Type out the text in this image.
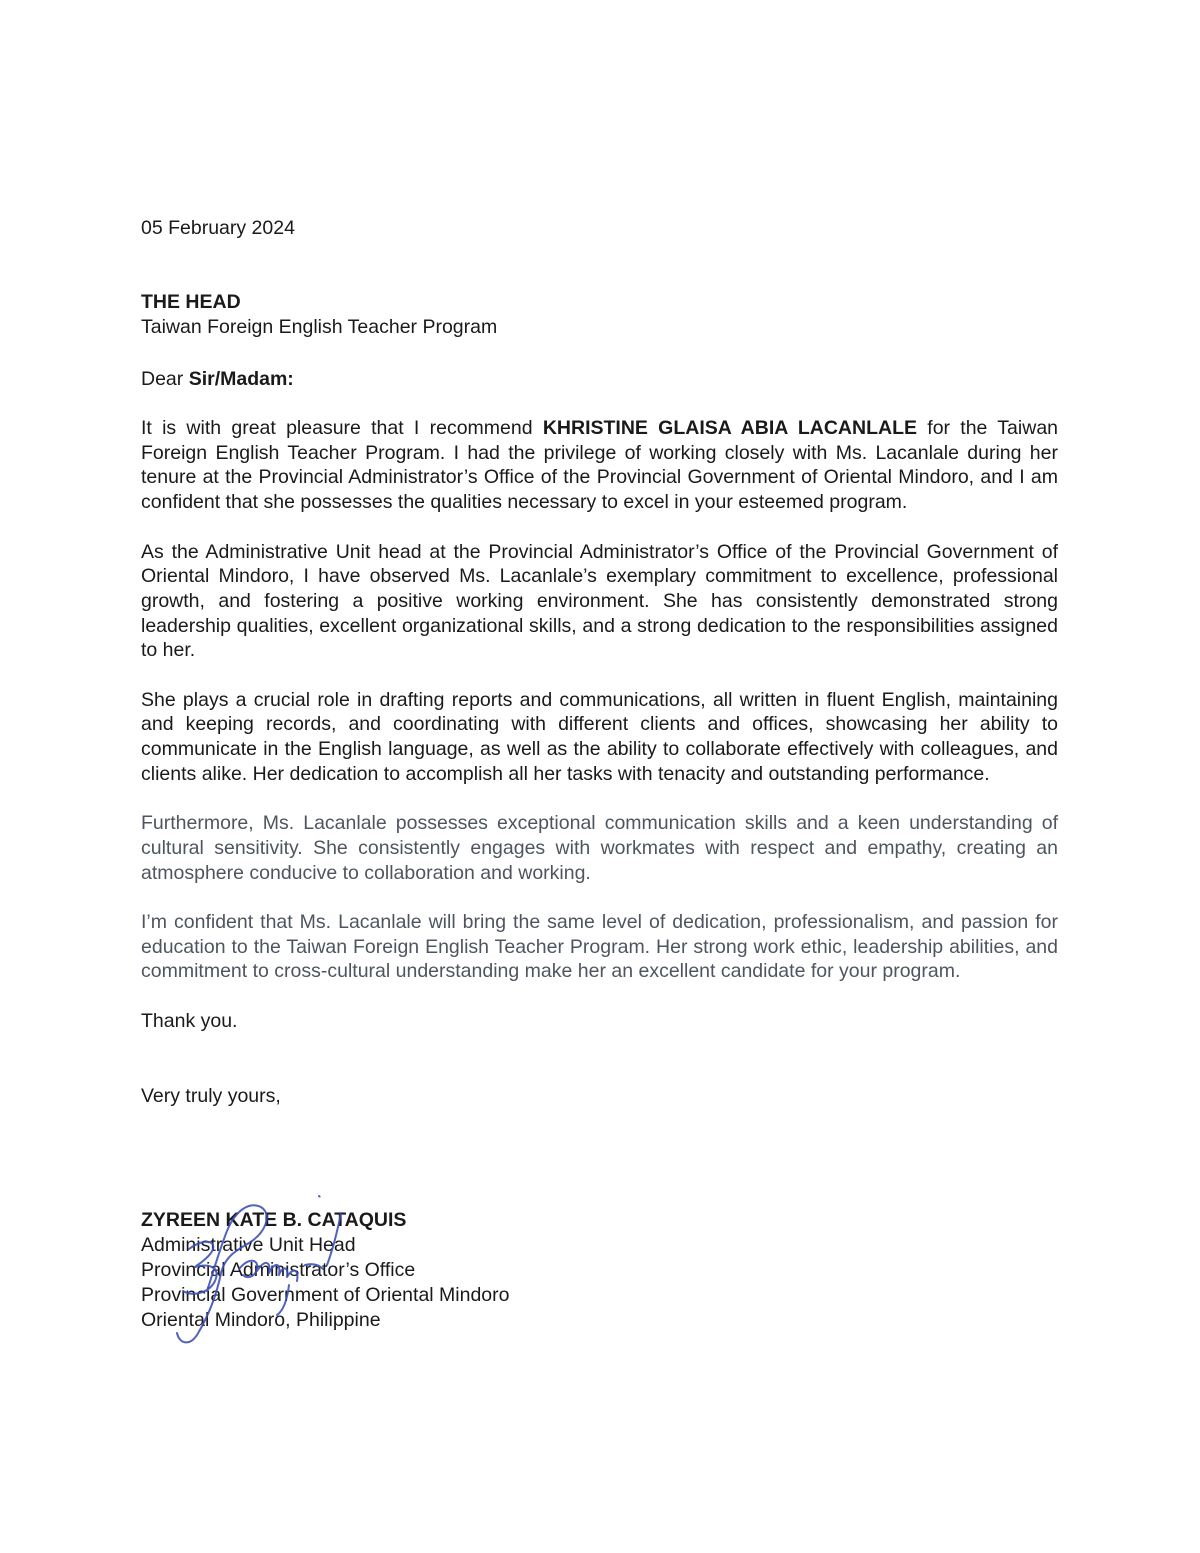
05 February 2024
THE HEAD
Taiwan Foreign English Teacher Program
Dear Sir/Madam:

It is with great pleasure that I recommend KHRISTINE GLAISA ABIA LACANLALE for the Taiwan Foreign English Teacher Program. I had the privilege of working closely with Ms. Lacanlale during her tenure at the Provincial Administrator’s Office of the Provincial Government of Oriental Mindoro, and I am confident that she possesses the qualities necessary to excel in your esteemed program.

As the Administrative Unit head at the Provincial Administrator’s Office of the Provincial Government of Oriental Mindoro, I have observed Ms. Lacanlale’s exemplary commitment to excellence, professional growth, and fostering a positive working environment. She has consistently demonstrated strong leadership qualities, excellent organizational skills, and a strong dedication to the responsibilities assigned to her.

She plays a crucial role in drafting reports and communications, all written in fluent English, maintaining and keeping records, and coordinating with different clients and offices, showcasing her ability to communicate in the English language, as well as the ability to collaborate effectively with colleagues, and clients alike. Her dedication to accomplish all her tasks with tenacity and outstanding performance.

Furthermore, Ms. Lacanlale possesses exceptional communication skills and a keen understanding of cultural sensitivity. She consistently engages with workmates with respect and empathy, creating an atmosphere conducive to collaboration and working.

I’m confident that Ms. Lacanlale will bring the same level of dedication, professionalism, and passion for education to the Taiwan Foreign English Teacher Program. Her strong work ethic, leadership abilities, and commitment to cross-cultural understanding make her an excellent candidate for your program.

Thank you.
Very truly yours,
ZYREEN KATE B. CATAQUIS
Administrative Unit Head
Provincial Administrator’s Office
Provincial Government of Oriental Mindoro
Oriental Mindoro, Philippine
